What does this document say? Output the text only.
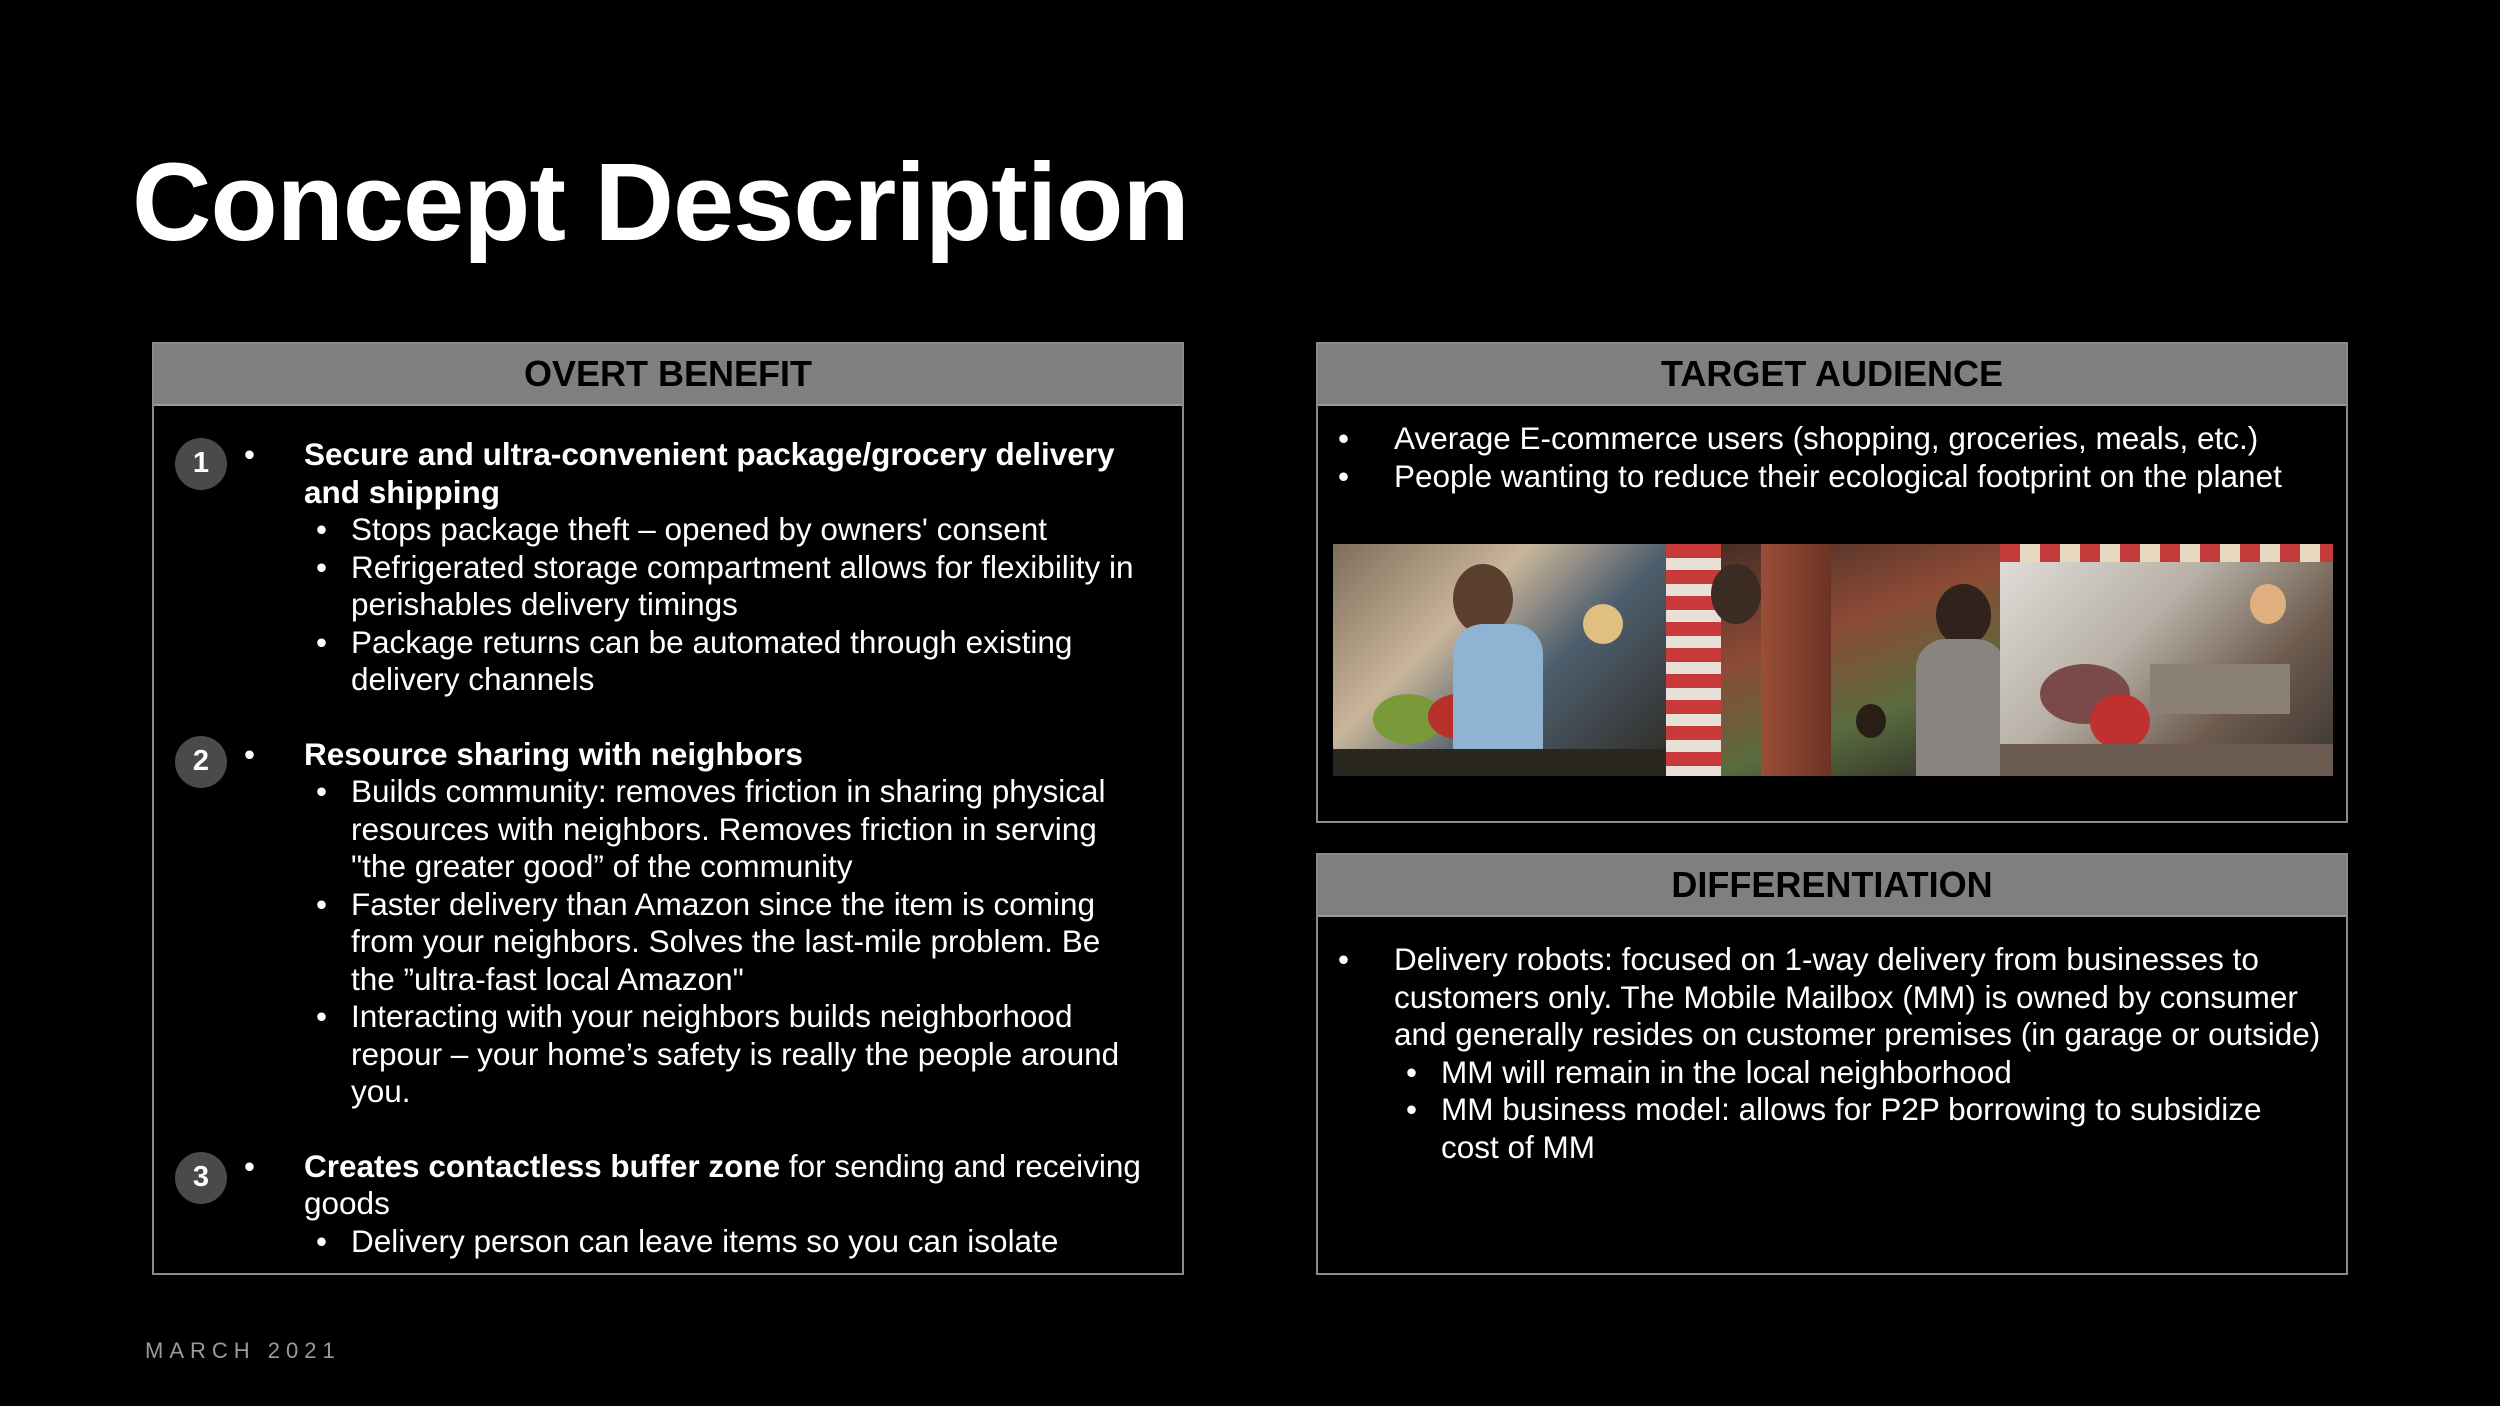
Concept Description
OVERT BENEFIT
1	•	Secure and ultra-convenient package/grocery delivery and shipping
• Stops package theft – opened by owners' consent
• Refrigerated storage compartment allows for flexibility in perishables delivery timings
• Package returns can be automated through existing delivery channels
2	•	Resource sharing with neighbors
• Builds community: removes friction in sharing physical resources with neighbors. Removes friction in serving "the greater good” of the community
• Faster delivery than Amazon since the item is coming from your neighbors. Solves the last-mile problem. Be the ”ultra-fast local Amazon"
• Interacting with your neighbors builds neighborhood repour – your home’s safety is really the people around you.
3	•	Creates contactless buffer zone for sending and receiving goods
• Delivery person can leave items so you can isolate
TARGET AUDIENCE
• Average E-commerce users (shopping, groceries, meals, etc.)
• People wanting to reduce their ecological footprint on the planet
DIFFERENTIATION
• Delivery robots: focused on 1-way delivery from businesses to customers only. The Mobile Mailbox (MM) is owned by consumer and generally resides on customer premises (in garage or outside)
• MM will remain in the local neighborhood
• MM business model: allows for P2P borrowing to subsidize cost of MM
MARCH 2021
